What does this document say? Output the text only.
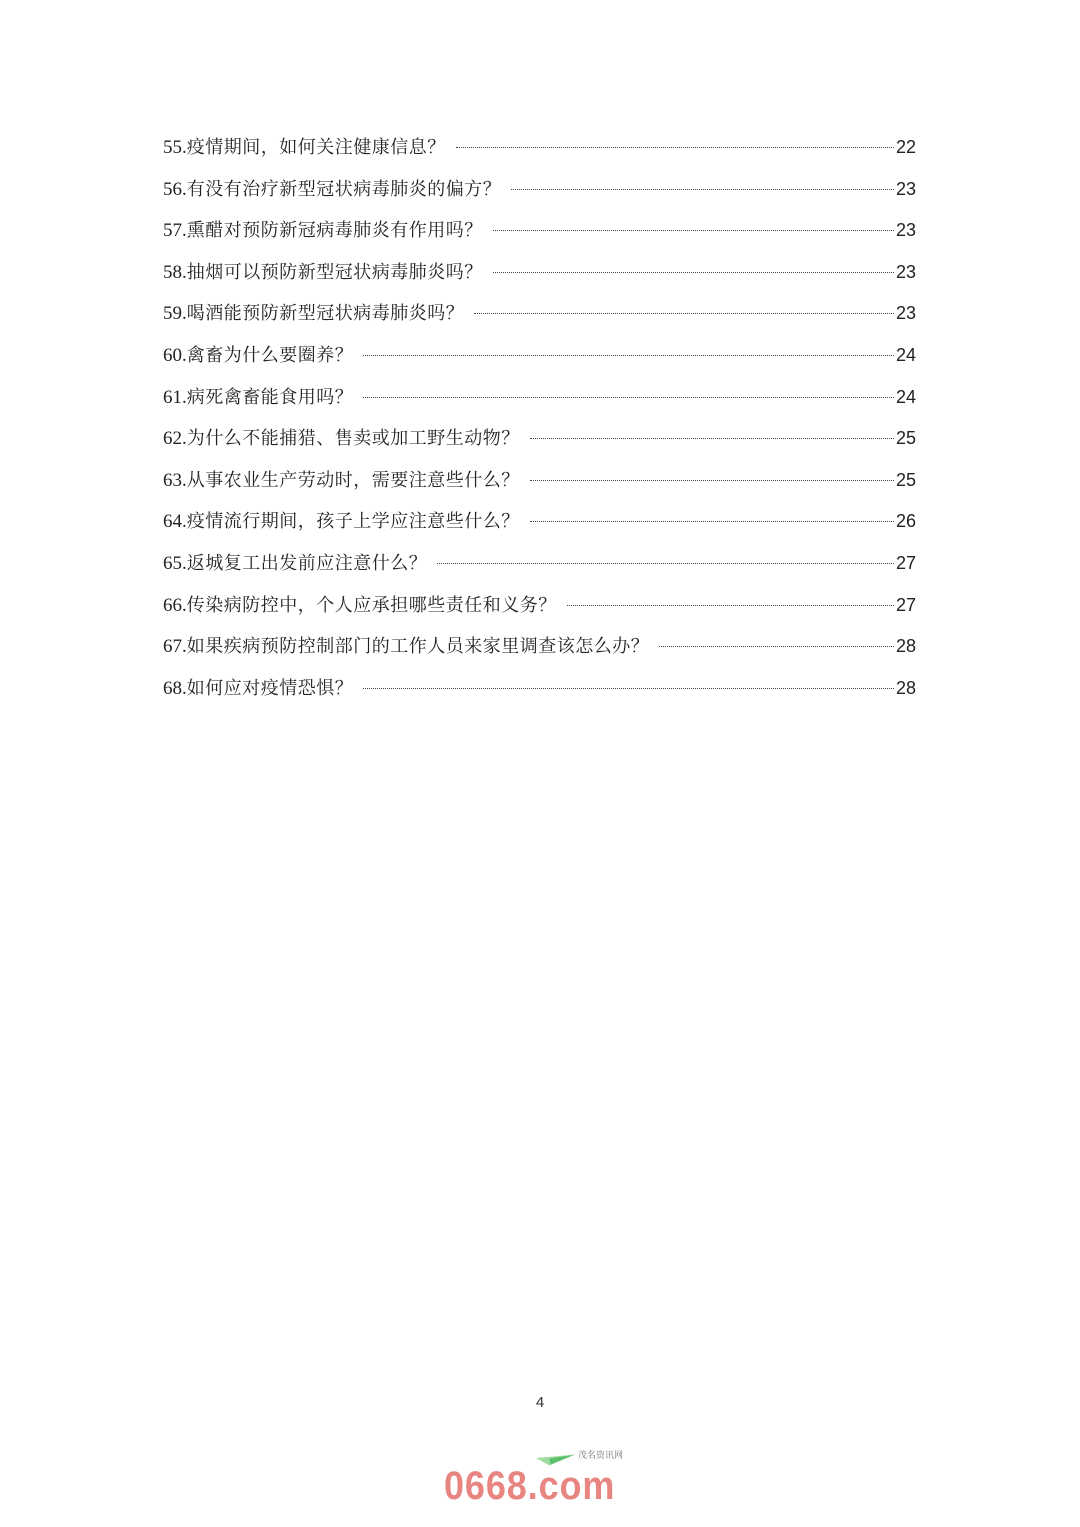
55. 疫情期间，如何关注健康信息？	22
56. 有没有治疗新型冠状病毒肺炎的偏方？	23
57. 熏醋对预防新冠病毒肺炎有作用吗？	23
58. 抽烟可以预防新型冠状病毒肺炎吗？	23
59. 喝酒能预防新型冠状病毒肺炎吗？	23
60. 禽畜为什么要圈养？	24
61. 病死禽畜能食用吗？	24
62. 为什么不能捕猎、售卖或加工野生动物？	25
63. 从事农业生产劳动时，需要注意些什么？	25
64. 疫情流行期间，孩子上学应注意些什么？	26
65. 返城复工出发前应注意什么？	27
66. 传染病防控中，个人应承担哪些责任和义务？	27
67. 如果疾病预防控制部门的工作人员来家里调查该怎么办？	28
68. 如何应对疫情恐惧？	28
4
0668.com
茂名资讯网
